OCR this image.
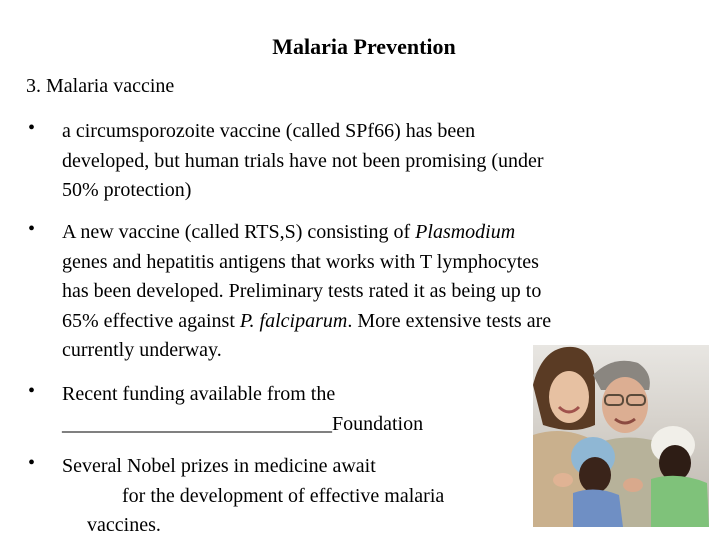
Malaria Prevention
3. Malaria vaccine
• a circumsporozoite vaccine (called SPf66) has been
developed, but human trials have not been promising (under
50% protection)
• A new vaccine (called RTS,S) consisting of Plasmodium
genes and hepatitis antigens that works with T lymphocytes
has been developed. Preliminary tests rated it as being up to
65% effective against P. falciparum. More extensive tests are
currently underway.
• Recent funding available from the
___________________________Foundation
• Several Nobel prizes in medicine await
for the development of effective malaria
vaccines.
